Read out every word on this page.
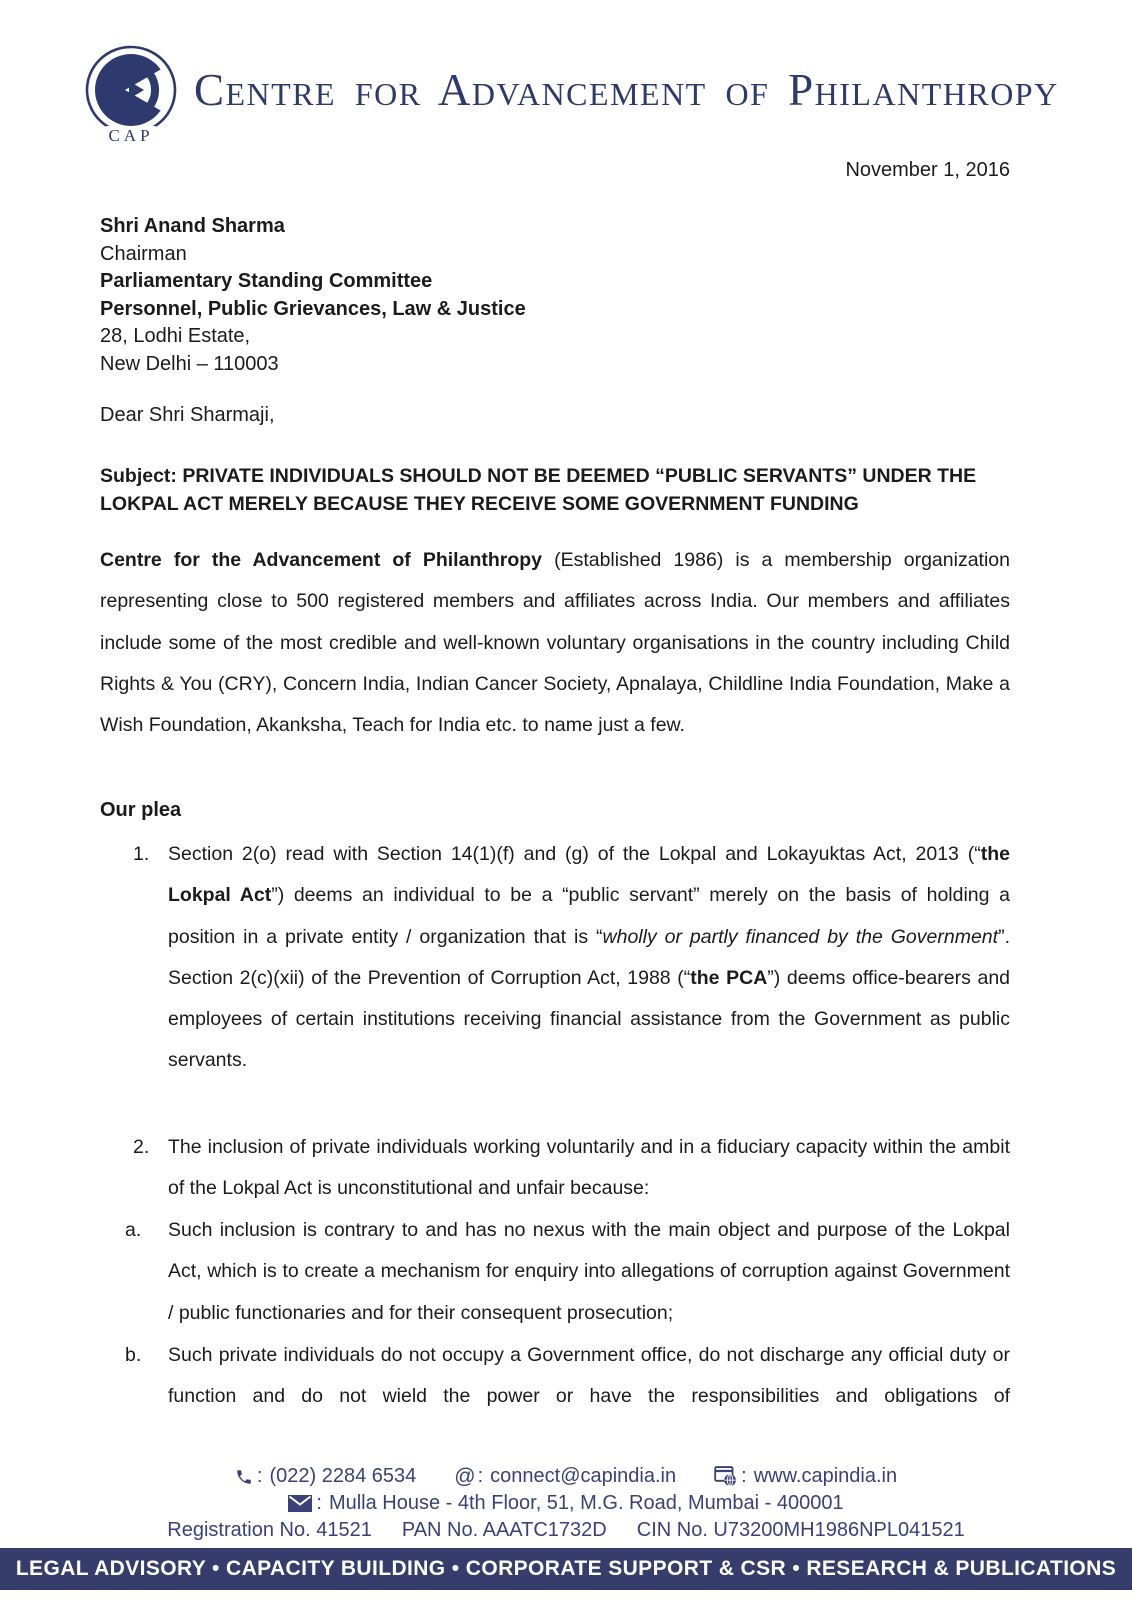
CAP
Centre for Advancement of Philanthropy
November 1, 2016
Shri Anand Sharma
Chairman
Parliamentary Standing Committee
Personnel, Public Grievances, Law & Justice
28, Lodhi Estate,
New Delhi – 110003
Dear Shri Sharmaji,
Subject: PRIVATE INDIVIDUALS SHOULD NOT BE DEEMED “PUBLIC SERVANTS” UNDER THE
LOKPAL ACT MERELY BECAUSE THEY RECEIVE SOME GOVERNMENT FUNDING
Centre for the Advancement of Philanthropy (Established 1986) is a membership organization representing close to 500 registered members and affiliates across India. Our members and affiliates include some of the most credible and well-known voluntary organisations in the country including Child Rights & You (CRY), Concern India, Indian Cancer Society, Apnalaya, Childline India Foundation, Make a Wish Foundation, Akanksha, Teach for India etc. to name just a few.
Our plea
1. Section 2(o) read with Section 14(1)(f) and (g) of the Lokpal and Lokayuktas Act, 2013 (“the Lokpal Act”) deems an individual to be a “public servant” merely on the basis of holding a position in a private entity / organization that is “wholly or partly financed by the Government”. Section 2(c)(xii) of the Prevention of Corruption Act, 1988 (“the PCA”) deems office-bearers and employees of certain institutions receiving financial assistance from the Government as public servants.
2. The inclusion of private individuals working voluntarily and in a fiduciary capacity within the ambit of the Lokpal Act is unconstitutional and unfair because:
a.	Such inclusion is contrary to and has no nexus with the main object and purpose of the Lokpal Act, which is to create a mechanism for enquiry into allegations of corruption against Government / public functionaries and for their consequent prosecution;
b.	Such private individuals do not occupy a Government office, do not discharge any official duty or function and do not wield the power or have the responsibilities and obligations of
: (022) 2284 6534 @ : connect@capindia.in	: www.capindia.in
: Mulla House - 4th Floor, 51, M.G. Road, Mumbai - 400001
Registration No. 41521 PAN No. AAATC1732D CIN No. U73200MH1986NPL041521
LEGAL ADVISORY • CAPACITY BUILDING • CORPORATE SUPPORT & CSR • RESEARCH & PUBLICATIONS
